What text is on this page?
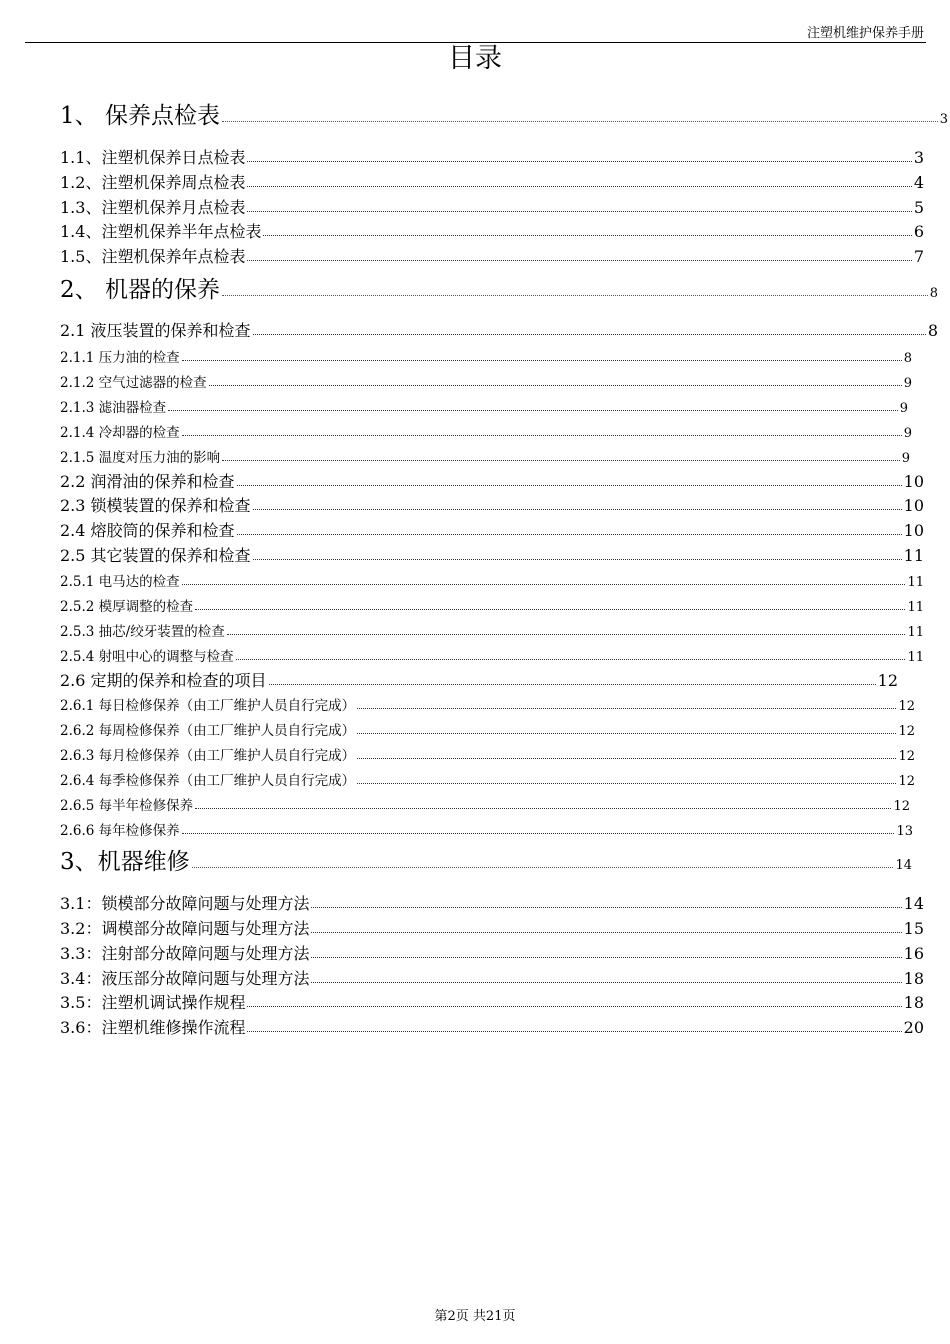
注塑机维护保养手册
目录
1、 保养点检表	3
1.1、注塑机保养日点检表	3
1.2、注塑机保养周点检表	4
1.3、注塑机保养月点检表	5
1.4、注塑机保养半年点检表	6
1.5、注塑机保养年点检表	7
2、 机器的保养	8
2.1 液压装置的保养和检查	8
2.1.1 压力油的检查	8
2.1.2 空气过滤器的检查	9
2.1.3 滤油器检查	9
2.1.4 冷却器的检查	9
2.1.5 温度对压力油的影响	9
2.2 润滑油的保养和检查	10
2.3 锁模装置的保养和检查	10
2.4 熔胶筒的保养和检查	10
2.5 其它装置的保养和检查	11
2.5.1 电马达的检查	11
2.5.2 模厚调整的检查	11
2.5.3 抽芯/绞牙装置的检查	11
2.5.4 射咀中心的调整与检查	11
2.6 定期的保养和检查的项目	12
2.6.1 每日检修保养（由工厂维护人员自行完成）	12
2.6.2 每周检修保养（由工厂维护人员自行完成）	12
2.6.3 每月检修保养（由工厂维护人员自行完成）	12
2.6.4 每季检修保养（由工厂维护人员自行完成）	12
2.6.5 每半年检修保养	12
2.6.6 每年检修保养	13
3、机器维修	14
3.1：锁模部分故障问题与处理方法	14
3.2：调模部分故障问题与处理方法	15
3.3：注射部分故障问题与处理方法	16
3.4：液压部分故障问题与处理方法	18
3.5：注塑机调试操作规程	18
3.6：注塑机维修操作流程	20
第2页 共21页
